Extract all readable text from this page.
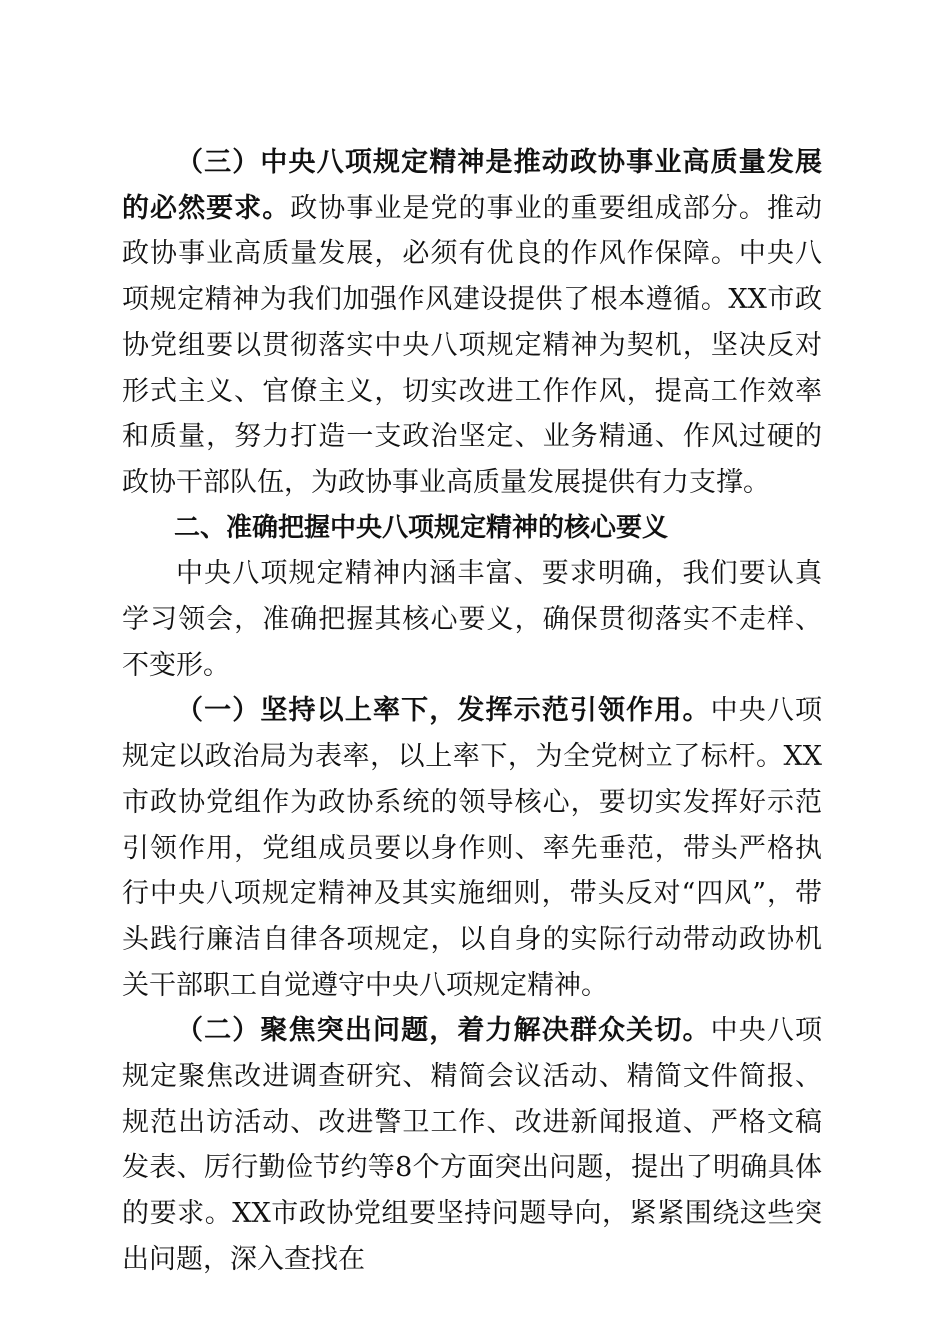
（三）中央八项规定精神是推动政协事业高质量发展的必然要求。政协事业是党的事业的重要组成部分。推动政协事业高质量发展，必须有优良的作风作保障。中央八项规定精神为我们加强作风建设提供了根本遵循。XX市政协党组要以贯彻落实中央八项规定精神为契机，坚决反对形式主义、官僚主义，切实改进工作作风，提高工作效率和质量，努力打造一支政治坚定、业务精通、作风过硬的政协干部队伍，为政协事业高质量发展提供有力支撑。

二、准确把握中央八项规定精神的核心要义

中央八项规定精神内涵丰富、要求明确，我们要认真学习领会，准确把握其核心要义，确保贯彻落实不走样、不变形。

（一）坚持以上率下，发挥示范引领作用。中央八项规定以政治局为表率，以上率下，为全党树立了标杆。XX市政协党组作为政协系统的领导核心，要切实发挥好示范引领作用，党组成员要以身作则、率先垂范，带头严格执行中央八项规定精神及其实施细则，带头反对“四风”，带头践行廉洁自律各项规定，以自身的实际行动带动政协机关干部职工自觉遵守中央八项规定精神。

（二）聚焦突出问题，着力解决群众关切。中央八项规定聚焦改进调查研究、精简会议活动、精简文件简报、规范出访活动、改进警卫工作、改进新闻报道、严格文稿发表、厉行勤俭节约等8个方面突出问题，提出了明确具体的要求。XX市政协党组要坚持问题导向，紧紧围绕这些突出问题，深入查找在
